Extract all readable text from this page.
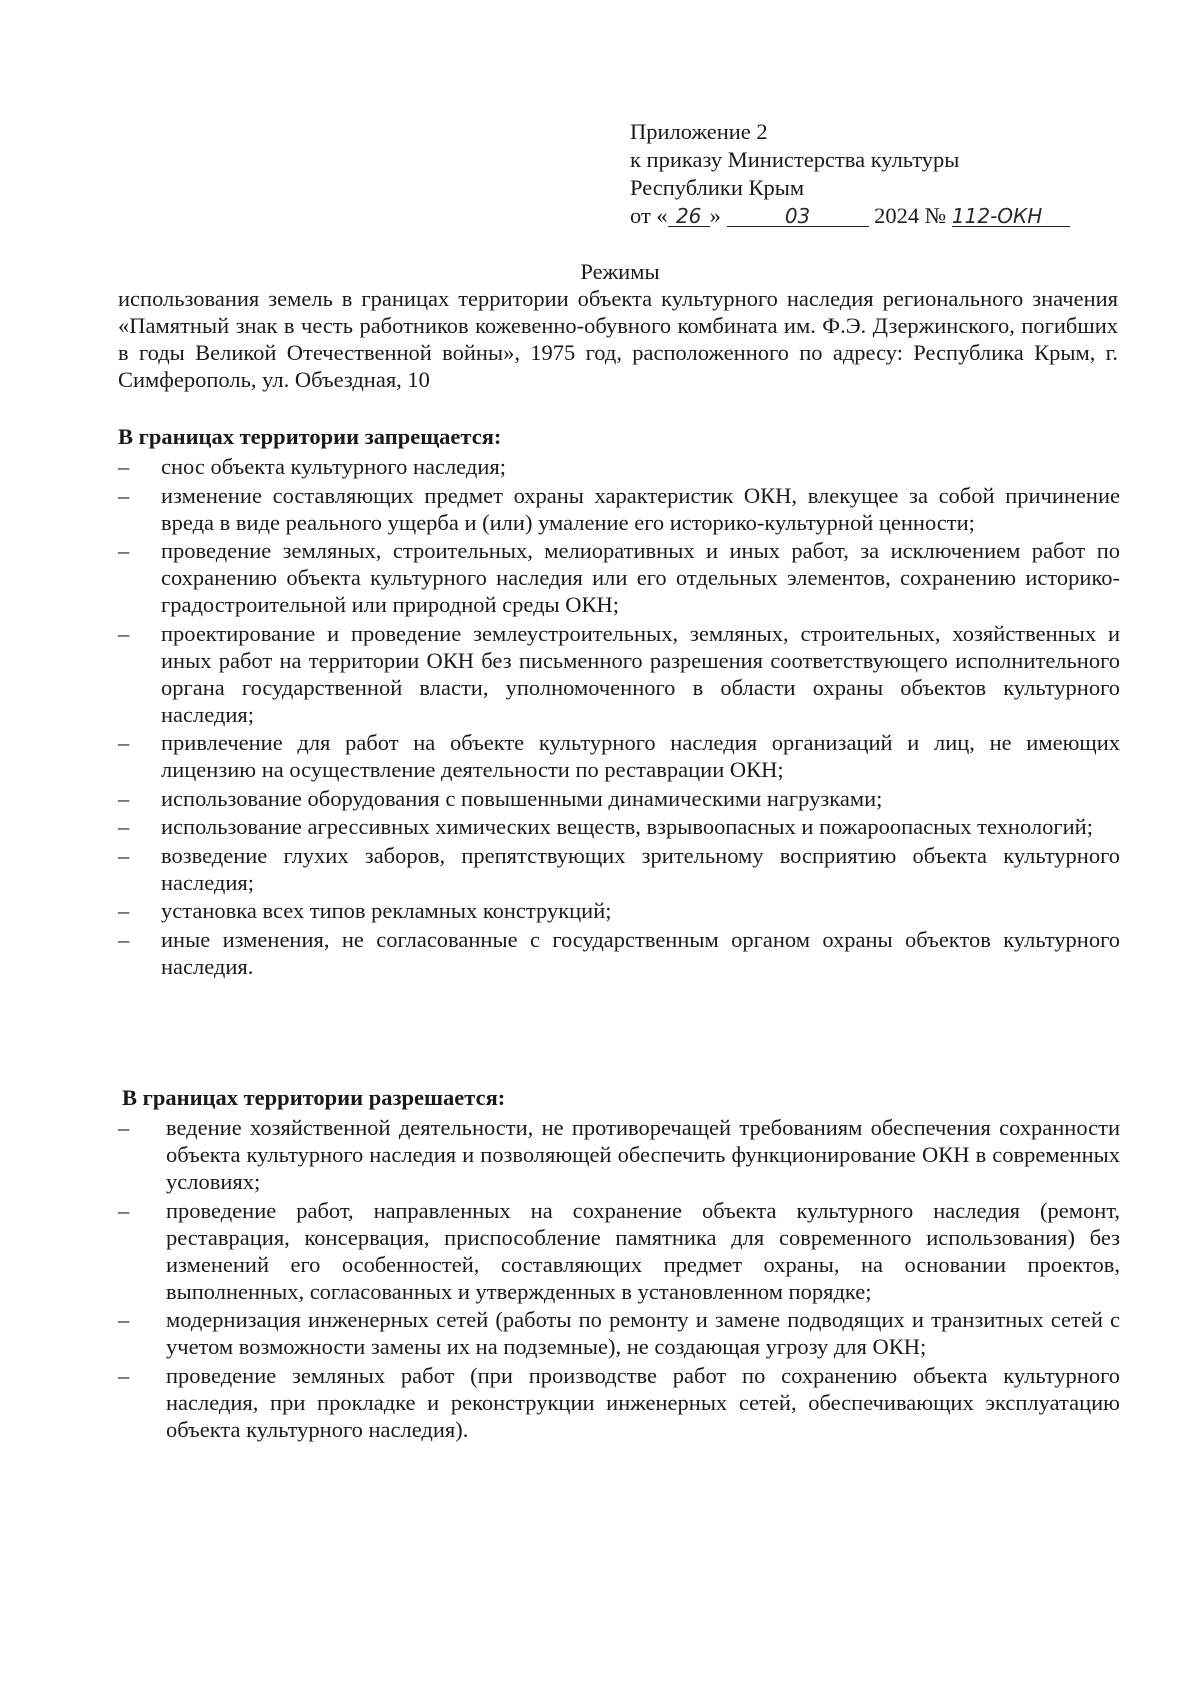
Приложение 2
к приказу Министерства культуры
Республики Крым
от « 26 »	03	2024 № 112-ОКН
Режимы

использования земель в границах территории объекта культурного наследия регионального значения «Памятный знак в честь работников кожевенно-обувного комбината им. Ф.Э. Дзержинского, погибших в годы Великой Отечественной войны», 1975 год, расположенного по адресу: Республика Крым, г. Симферополь, ул. Объездная, 10

В границах территории запрещается:
– снос объекта культурного наследия;
– изменение составляющих предмет охраны характеристик ОКН, влекущее за собой причинение вреда в виде реального ущерба и (или) умаление его историко-культурной ценности;
– проведение земляных, строительных, мелиоративных и иных работ, за исключением работ по сохранению объекта культурного наследия или его отдельных элементов, сохранению историко-градостроительной или природной среды ОКН;
– проектирование и проведение землеустроительных, земляных, строительных, хозяйственных и иных работ на территории ОКН без письменного разрешения соответствующего исполнительного органа государственной власти, уполномоченного в области охраны объектов культурного наследия;
– привлечение для работ на объекте культурного наследия организаций и лиц, не имеющих лицензию на осуществление деятельности по реставрации ОКН;
– использование оборудования с повышенными динамическими нагрузками;
– использование агрессивных химических веществ, взрывоопасных и пожароопасных технологий;
– возведение глухих заборов, препятствующих зрительному восприятию объекта культурного наследия;
– установка всех типов рекламных конструкций;
– иные изменения, не согласованные с государственным органом охраны объектов культурного наследия.
В границах территории разрешается:
– ведение хозяйственной деятельности, не противоречащей требованиям обеспечения сохранности объекта культурного наследия и позволяющей обеспечить функционирование ОКН в современных условиях;
– проведение работ, направленных на сохранение объекта культурного наследия (ремонт, реставрация, консервация, приспособление памятника для современного использования) без изменений его особенностей, составляющих предмет охраны, на основании проектов, выполненных, согласованных и утвержденных в установленном порядке;
– модернизация инженерных сетей (работы по ремонту и замене подводящих и транзитных сетей с учетом возможности замены их на подземные), не создающая угрозу для ОКН;
– проведение земляных работ (при производстве работ по сохранению объекта культурного наследия, при прокладке и реконструкции инженерных сетей, обеспечивающих эксплуатацию объекта культурного наследия).
